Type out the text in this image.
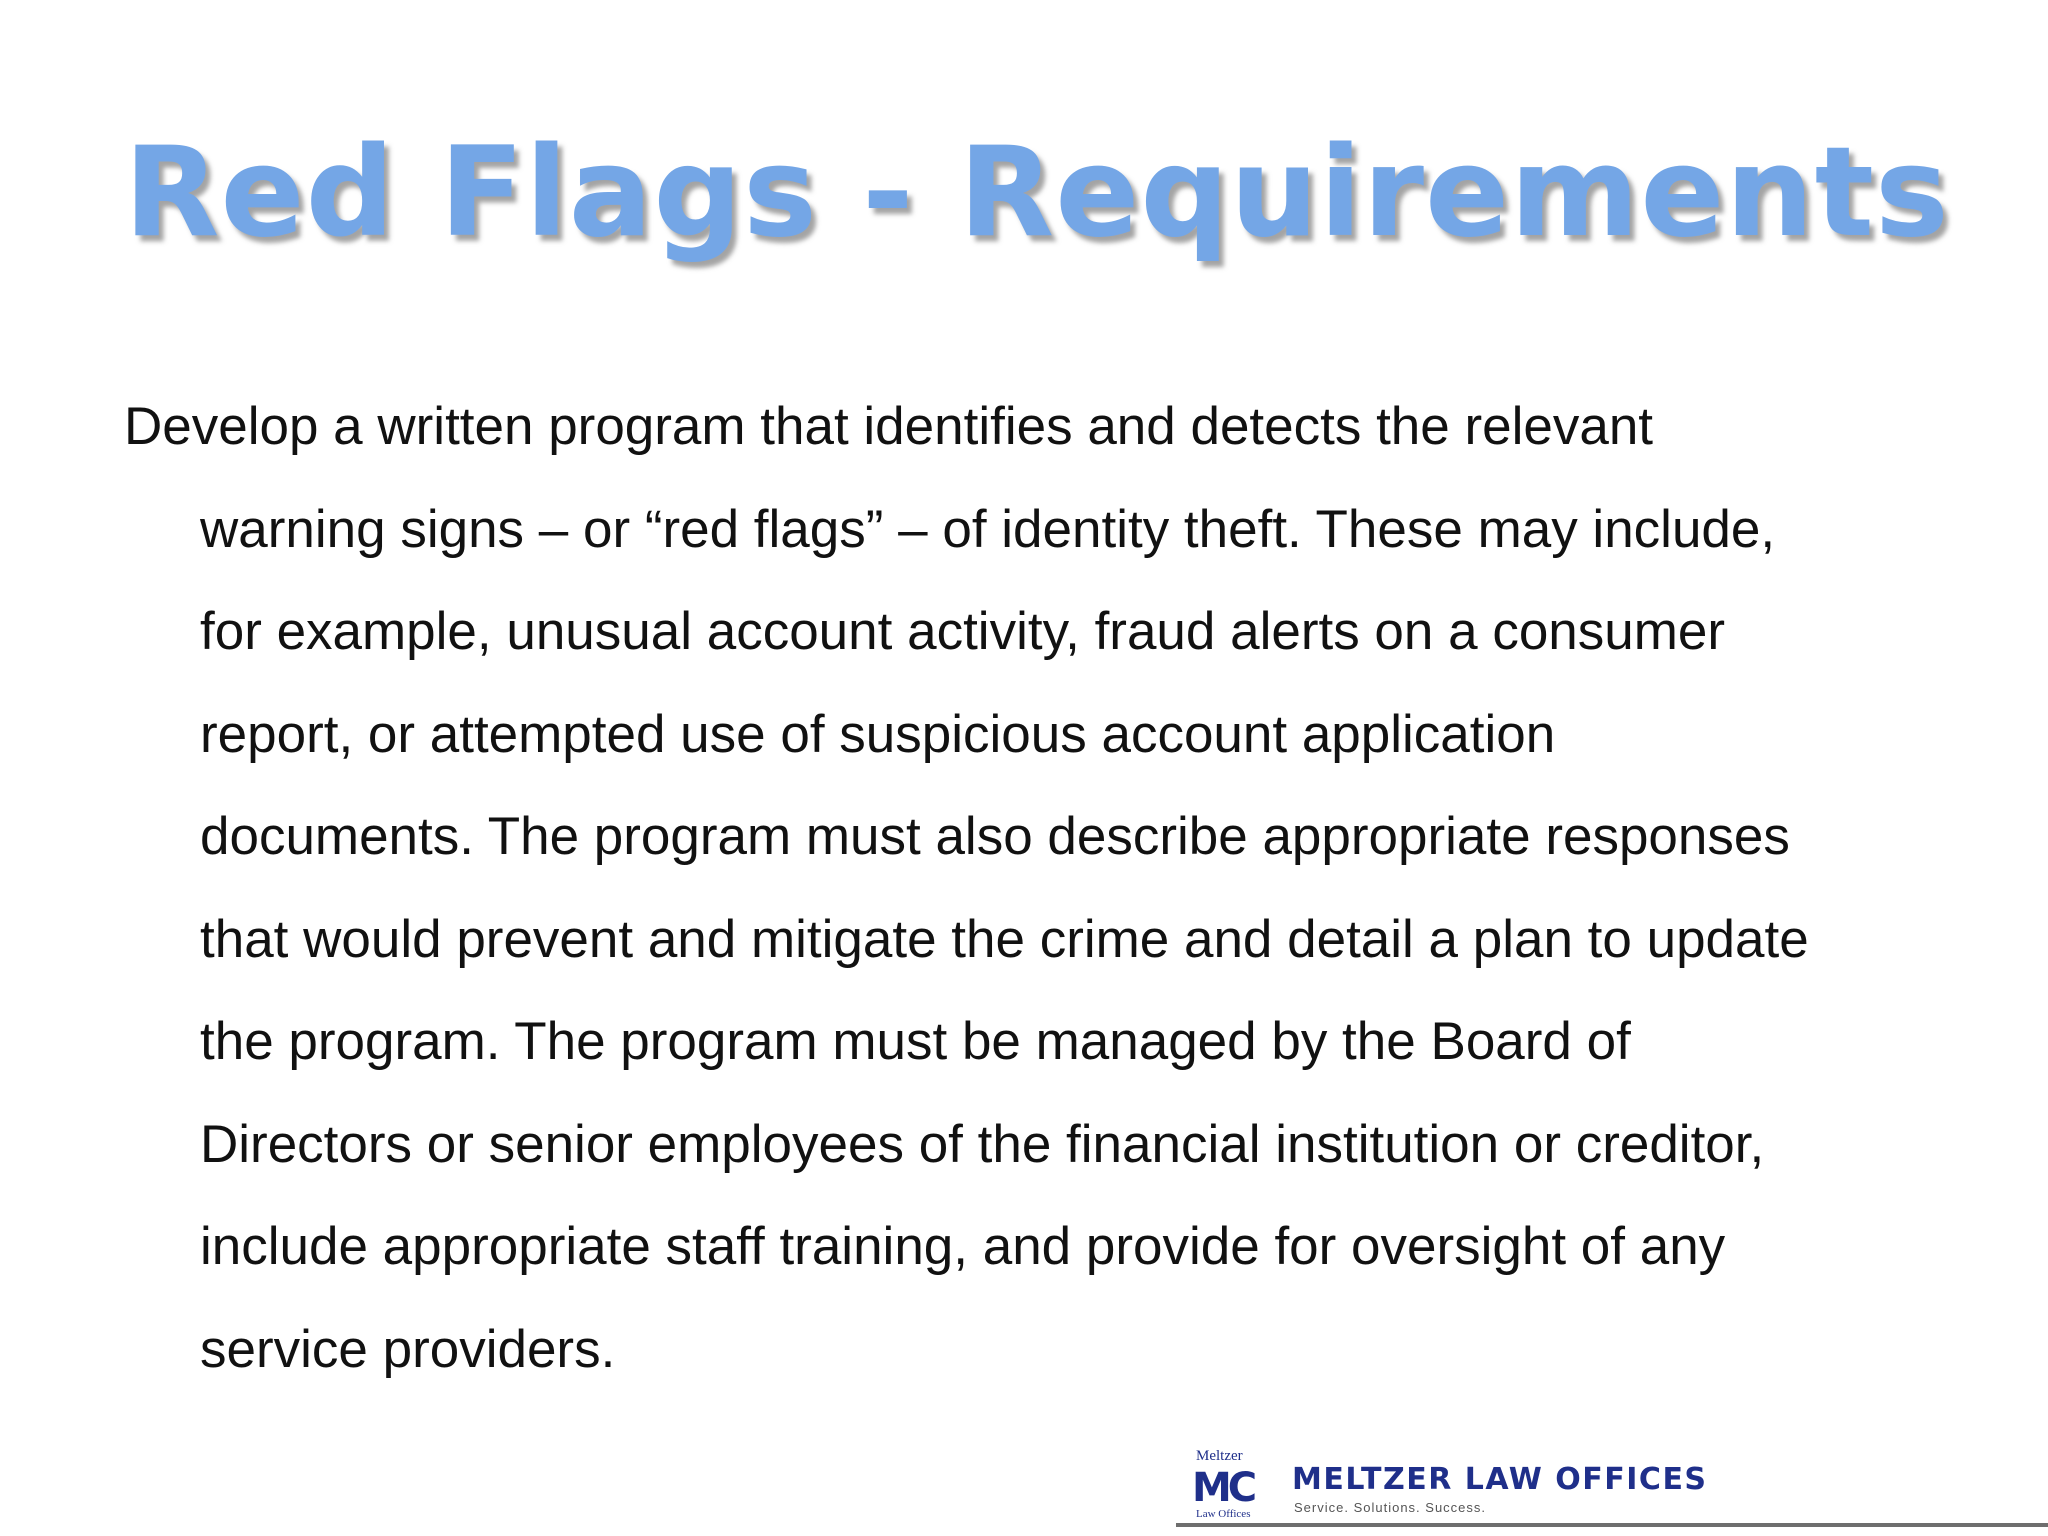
Red Flags - Requirements
Develop a written program that identifies and detects the relevant
warning signs – or “red flags” – of identity theft. These may include,
for example, unusual account activity, fraud alerts on a consumer
report, or attempted use of suspicious account application
documents. The program must also describe appropriate responses
that would prevent and mitigate the crime and detail a plan to update
the program. The program must be managed by the Board of
Directors or senior employees of the financial institution or creditor,
include appropriate staff training, and provide for oversight of any
service providers.
Meltzer
MC
Law Offices
MELTZER LAW OFFICES
Service. Solutions. Success.
